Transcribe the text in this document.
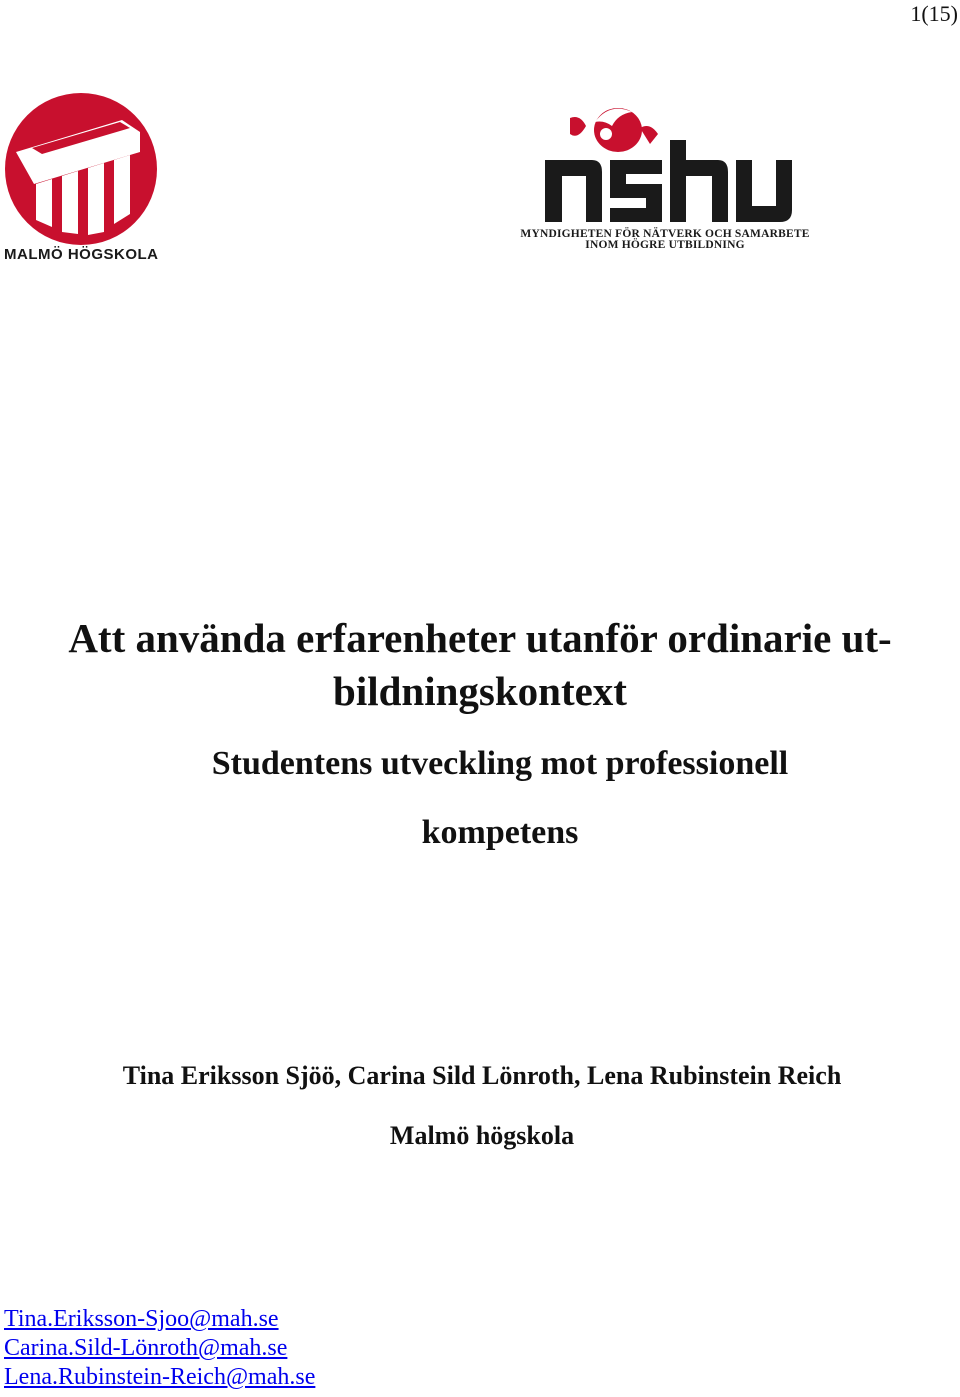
1(15)
MALMÖ HÖGSKOLA
MYNDIGHETEN FÖR NÄTVERK OCH SAMARBETE
INOM HÖGRE UTBILDNING
Att använda erfarenheter utanför ordinarie ut-
bildningskontext
Studentens utveckling mot professionell
kompetens
Tina Eriksson Sjöö, Carina Sild Lönroth, Lena Rubinstein Reich
Malmö högskola
Tina.Eriksson-Sjoo@mah.se
Carina.Sild-Lönroth@mah.se
Lena.Rubinstein-Reich@mah.se
